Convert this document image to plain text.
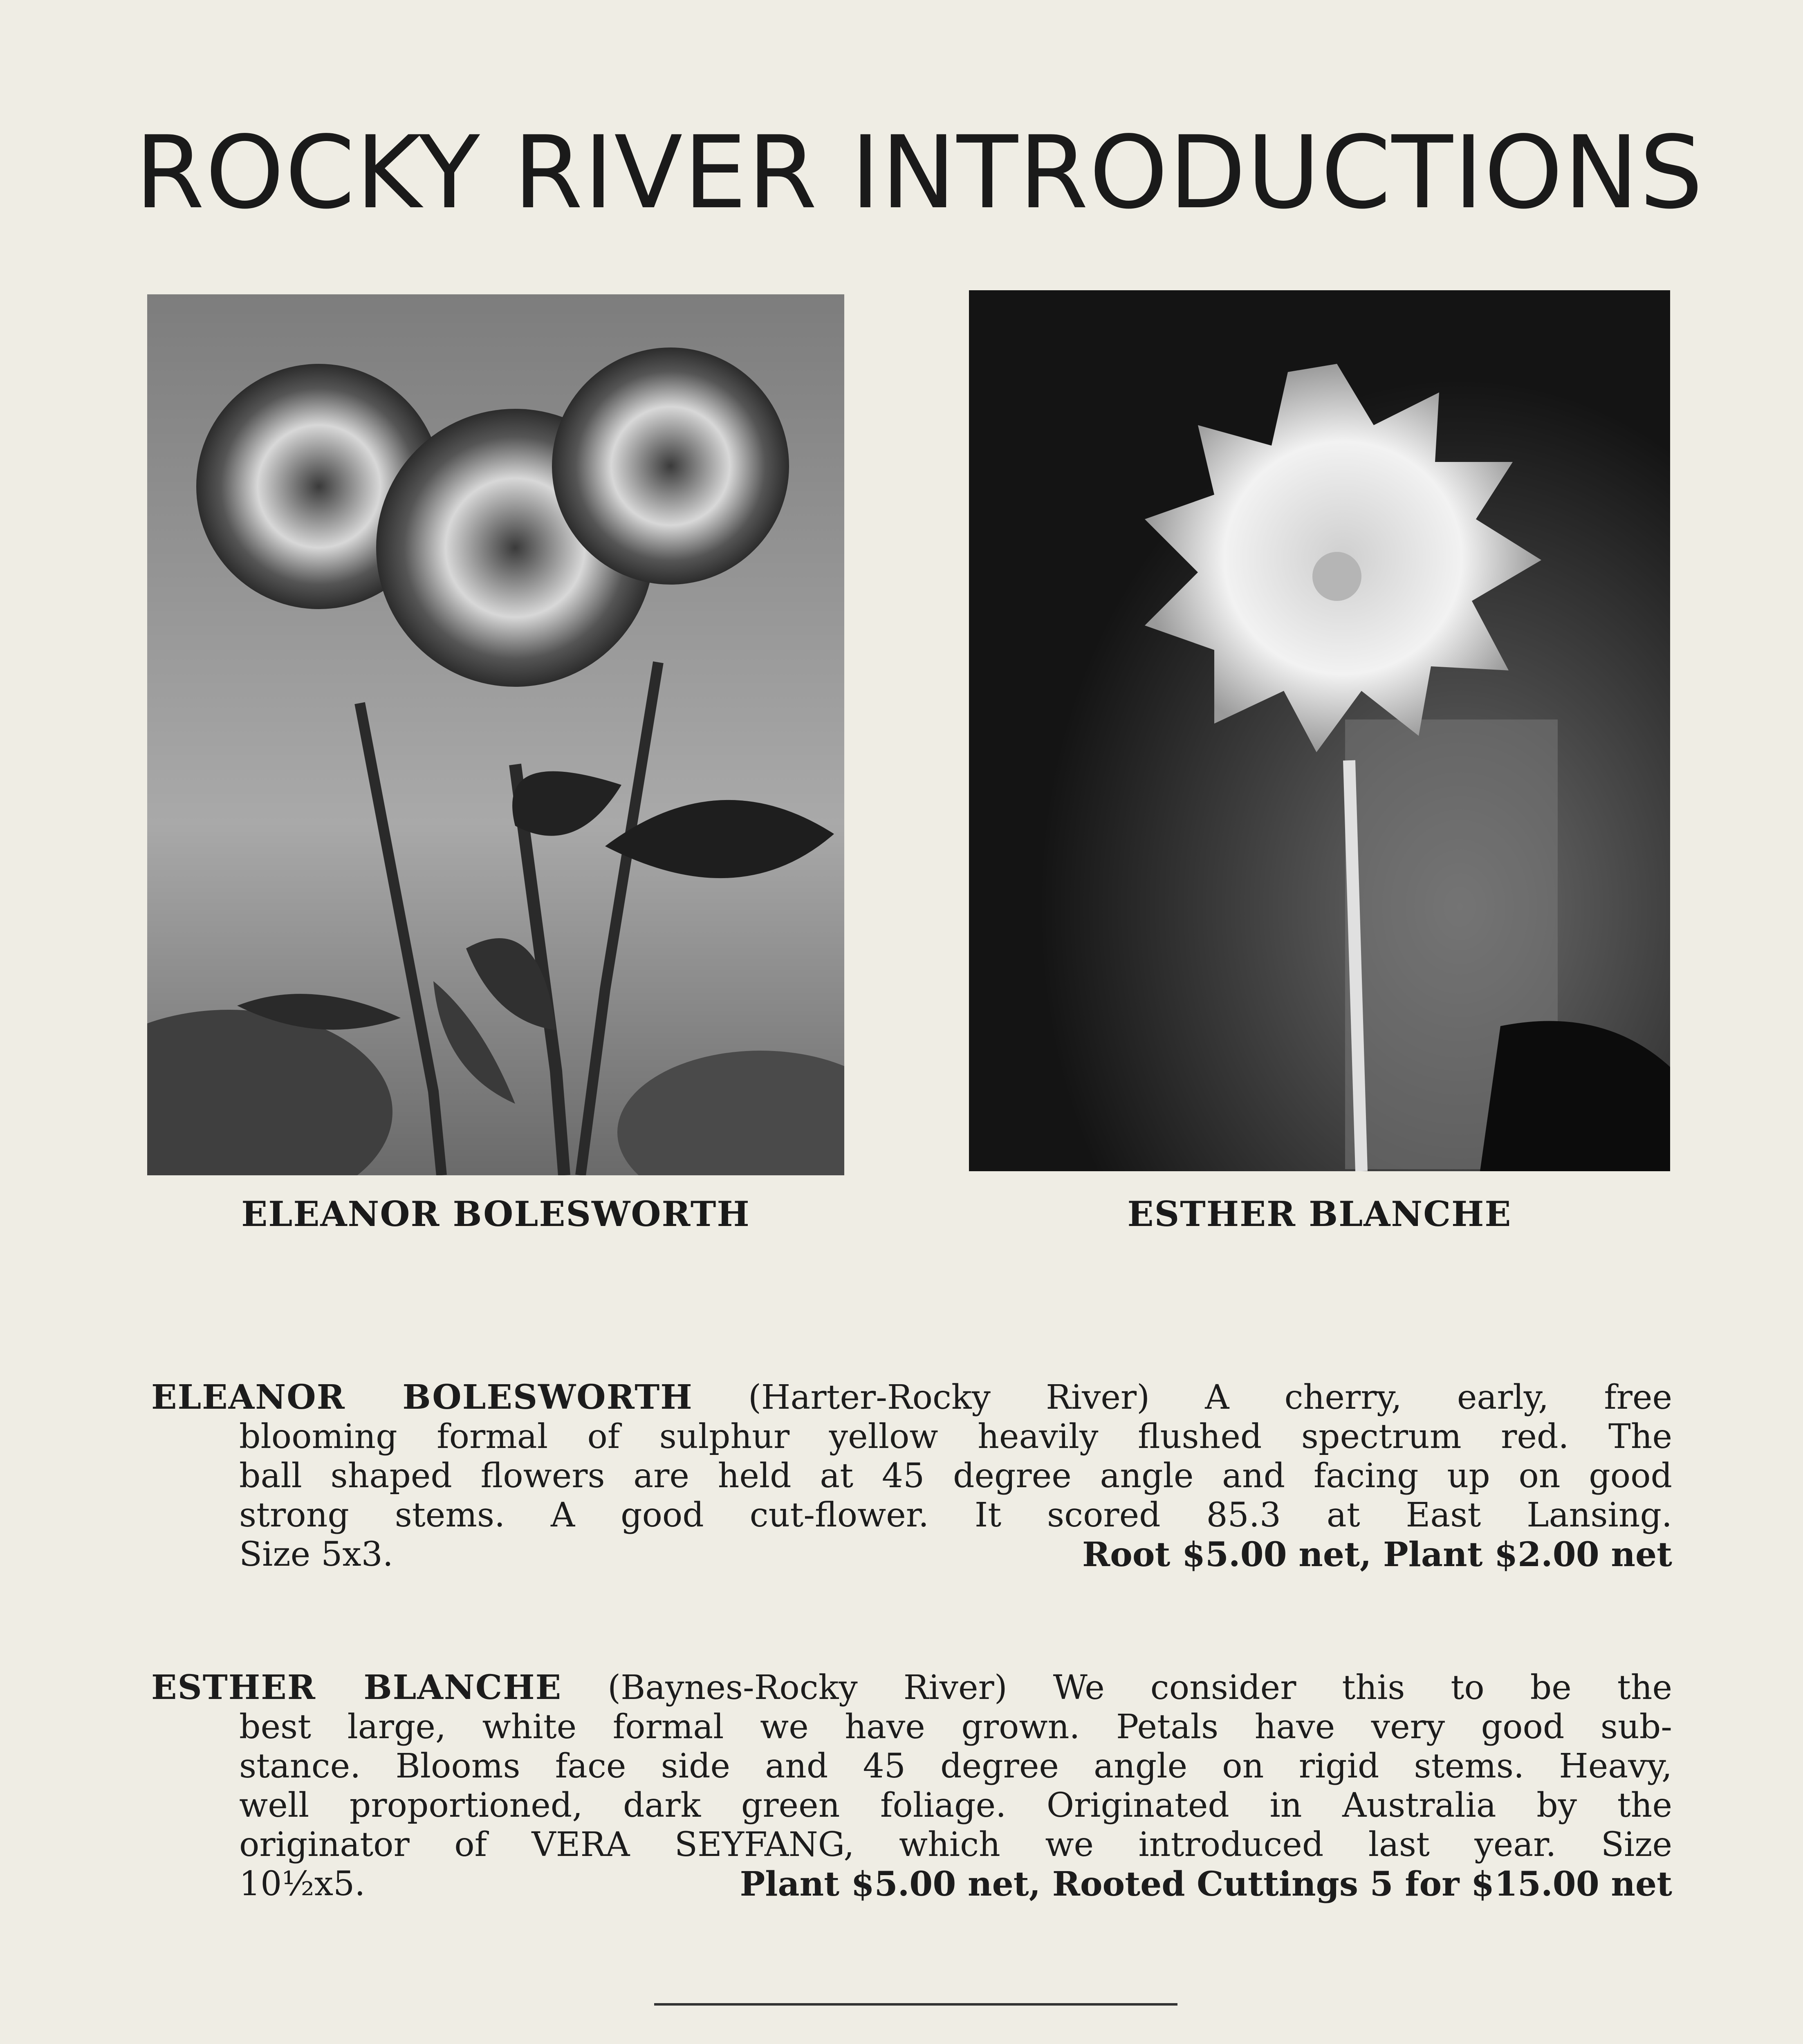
ROCKY RIVER INTRODUCTIONS
ELEANOR BOLESWORTH	ESTHER BLANCHE
ELEANOR BOLESWORTH (Harter-Rocky River) A cherry, early, free
blooming formal of sulphur yellow heavily flushed spectrum red. The
ball shaped flowers are held at 45 degree angle and facing up on good
strong stems. A good cut-flower. It scored 85.3 at East Lansing.
Size 5x3.	Root $5.00 net, Plant $2.00 net
ESTHER BLANCHE (Baynes-Rocky River) We consider this to be the
best large, white formal we have grown. Petals have very good sub-
stance. Blooms face side and 45 degree angle on rigid stems. Heavy,
well proportioned, dark green foliage. Originated in Australia by the
originator of VERA SEYFANG, which we introduced last year. Size
10½x5.	Plant $5.00 net, Rooted Cuttings 5 for $15.00 net
